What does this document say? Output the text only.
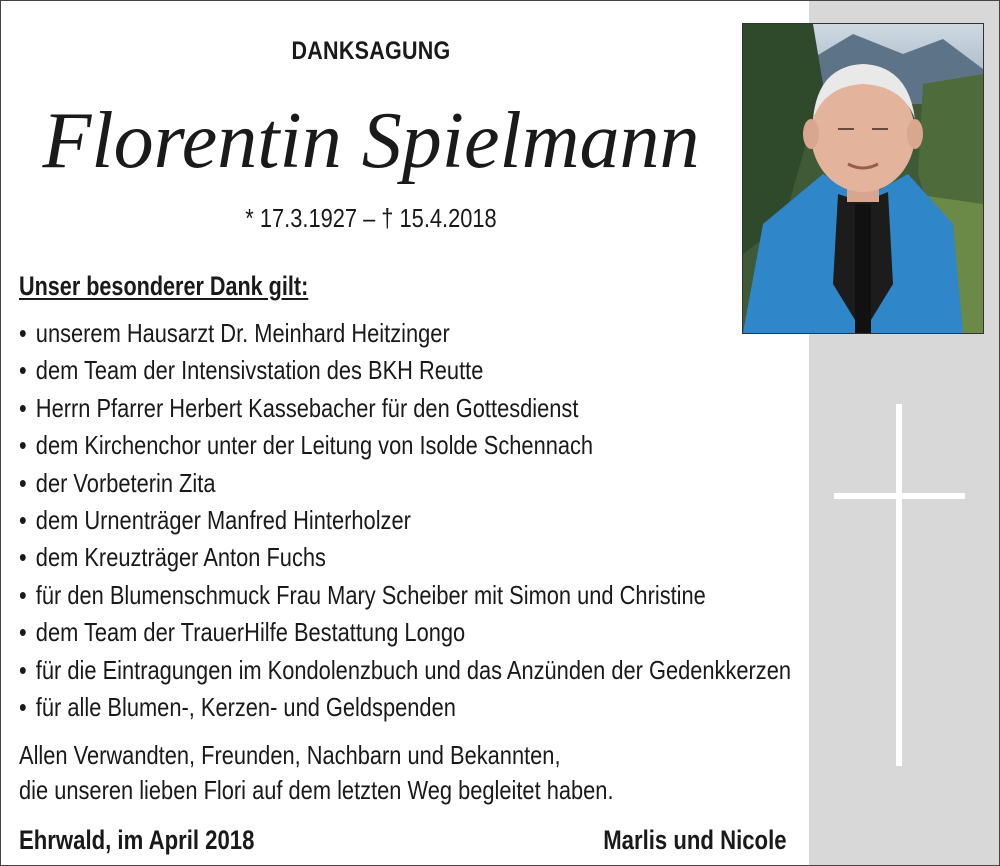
DANKSAGUNG
Florentin Spielmann
* 17.3.1927 – † 15.4.2018
Unser besonderer Dank gilt:
• unserem Hausarzt Dr. Meinhard Heitzinger
• dem Team der Intensivstation des BKH Reutte
• Herrn Pfarrer Herbert Kassebacher für den Gottesdienst
• dem Kirchenchor unter der Leitung von Isolde Schennach
• der Vorbeterin Zita
• dem Urnenträger Manfred Hinterholzer
• dem Kreuzträger Anton Fuchs
• für den Blumenschmuck Frau Mary Scheiber mit Simon und Christine
• dem Team der TrauerHilfe Bestattung Longo
• für die Eintragungen im Kondolenzbuch und das Anzünden der Gedenkkerzen
• für alle Blumen-, Kerzen- und Geldspenden
Allen Verwandten, Freunden, Nachbarn und Bekannten,
die unseren lieben Flori auf dem letzten Weg begleitet haben.
Ehrwald, im April 2018	Marlis und Nicole
